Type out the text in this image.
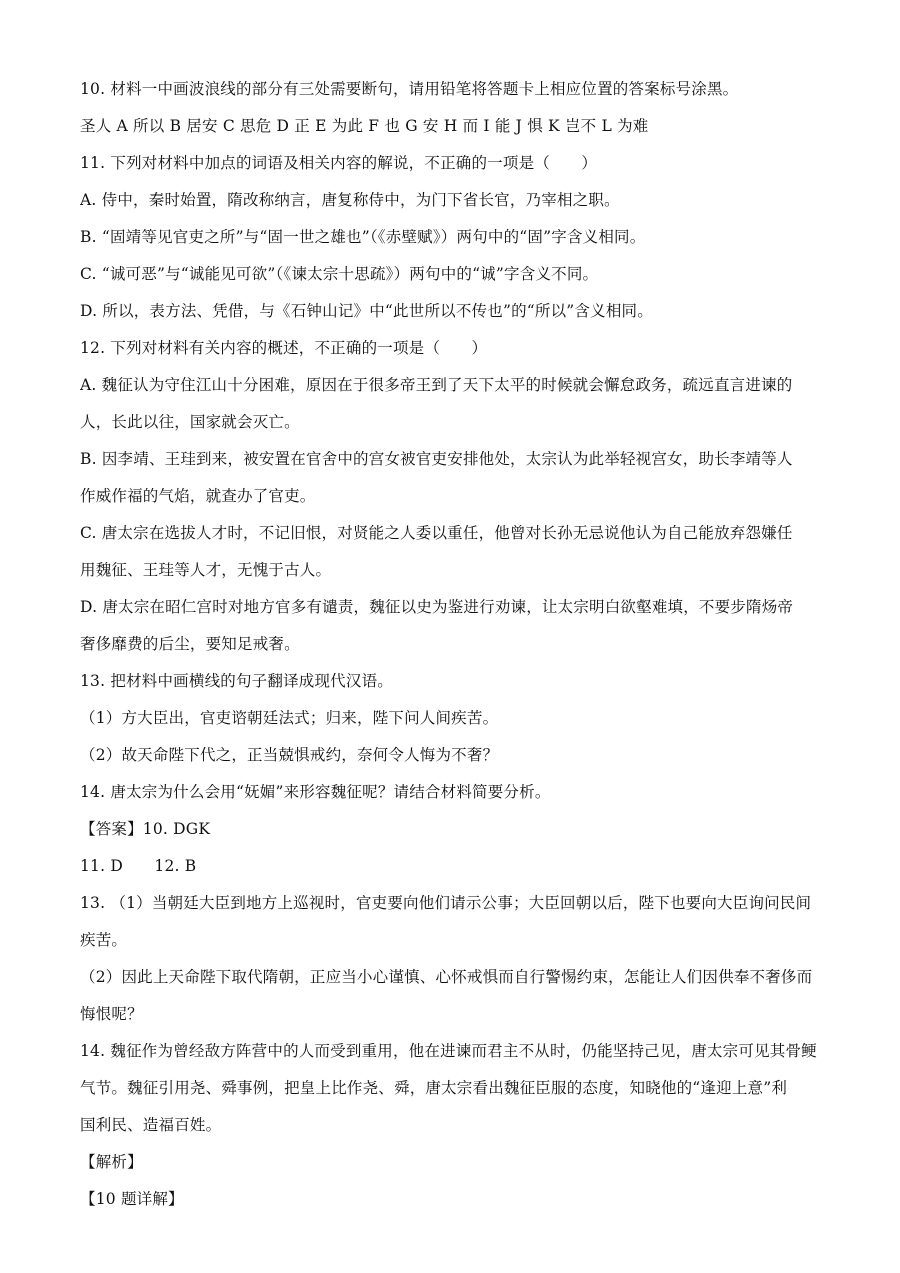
10. 材料一中画波浪线的部分有三处需要断句，请用铅笔将答题卡上相应位置的答案标号涂黑。
圣人 A 所以 B 居安 C 思危 D 正 E 为此 F 也 G 安 H 而 I 能 J 惧 K 岂不 L 为难
11. 下列对材料中加点的词语及相关内容的解说，不正确的一项是（　　）
A. 侍中，秦时始置，隋改称纳言，唐复称侍中，为门下省长官，乃宰相之职。
B. “固靖等见官吏之所”与“固一世之雄也”（《赤壁赋》）两句中的“固”字含义相同。
C. “诚可恶”与“诚能见可欲”（《谏太宗十思疏》）两句中的“诚”字含义不同。
D. 所以，表方法、凭借，与《石钟山记》中“此世所以不传也”的“所以”含义相同。
12. 下列对材料有关内容的概述，不正确的一项是（　　）
A. 魏征认为守住江山十分困难，原因在于很多帝王到了天下太平的时候就会懈怠政务，疏远直言进谏的
人，长此以往，国家就会灭亡。
B. 因李靖、王珪到来，被安置在官舍中的宫女被官吏安排他处，太宗认为此举轻视宫女，助长李靖等人
作威作福的气焰，就查办了官吏。
C. 唐太宗在选拔人才时，不记旧恨，对贤能之人委以重任，他曾对长孙无忌说他认为自己能放弃怨嫌任
用魏征、王珪等人才，无愧于古人。
D. 唐太宗在昭仁宫时对地方官多有谴责，魏征以史为鉴进行劝谏，让太宗明白欲壑难填，不要步隋炀帝
奢侈靡费的后尘，要知足戒奢。
13. 把材料中画横线的句子翻译成现代汉语。
（1）方大臣出，官吏谘朝廷法式；归来，陛下问人间疾苦。
（2）故天命陛下代之，正当兢惧戒约，奈何令人悔为不奢？
14. 唐太宗为什么会用“妩媚”来形容魏征呢？请结合材料简要分析。
【答案】10. DGK
11. D　　12. B
13. （1）当朝廷大臣到地方上巡视时，官吏要向他们请示公事；大臣回朝以后，陛下也要向大臣询问民间
疾苦。
（2）因此上天命陛下取代隋朝，正应当小心谨慎、心怀戒惧而自行警惕约束，怎能让人们因供奉不奢侈而
悔恨呢？
14. 魏征作为曾经敌方阵营中的人而受到重用，他在进谏而君主不从时，仍能坚持己见，唐太宗可见其骨鲠
气节。魏征引用尧、舜事例，把皇上比作尧、舜，唐太宗看出魏征臣服的态度，知晓他的“逢迎上意”利
国利民、造福百姓。
【解析】
【10 题详解】
